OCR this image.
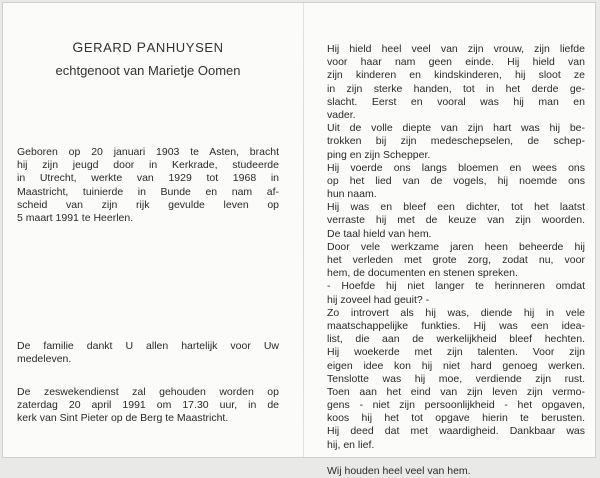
GERARD PANHUYSEN
echtgenoot van Marietje Oomen
Geboren op 20 januari 1903 te Asten, bracht
hij zijn jeugd door in Kerkrade, studeerde
in Utrecht, werkte van 1929 tot 1968 in
Maastricht, tuinierde in Bunde en nam af-
scheid van zijn rijk gevulde leven op
5 maart 1991 te Heerlen.
De familie dankt U allen hartelijk voor Uw
medeleven.
De zeswekendienst zal gehouden worden op
zaterdag 20 april 1991 om 17.30 uur, in de
kerk van Sint Pieter op de Berg te Maastricht.
Hij hield heel veel van zijn vrouw, zijn liefde
voor haar nam geen einde. Hij hield van
zijn kinderen en kindskinderen, hij sloot ze
in zijn sterke handen, tot in het derde ge-
slacht. Eerst en vooral was hij man en
vader.
Uit de volle diepte van zijn hart was hij be-
trokken bij zijn medeschepselen, de schep-
ping en zijn Schepper.
Hij voerde ons langs bloemen en wees ons
op het lied van de vogels, hij noemde ons
hun naam.
Hij was en bleef een dichter, tot het laatst
verraste hij met de keuze van zijn woorden.
De taal hield van hem.
Door vele werkzame jaren heen beheerde hij
het verleden met grote zorg, zodat nu, voor
hem, de documenten en stenen spreken.
- Hoefde hij niet langer te herinneren omdat
hij zoveel had geuit? -
Zo introvert als hij was, diende hij in vele
maatschappelijke funkties. Hij was een idea-
list, die aan de werkelijkheid bleef hechten.
Hij woekerde met zijn talenten. Voor zijn
eigen idee kon hij niet hard genoeg werken.
Tenslotte was hij moe, verdiende zijn rust.
Toen aan het eind van zijn leven zijn vermo-
gens - niet zijn persoonlijkheid - het opgaven,
koos hij het tot opgave hierin te berusten.
Hij deed dat met waardigheid. Dankbaar was
hij, en lief.
Wij houden heel veel van hem.
